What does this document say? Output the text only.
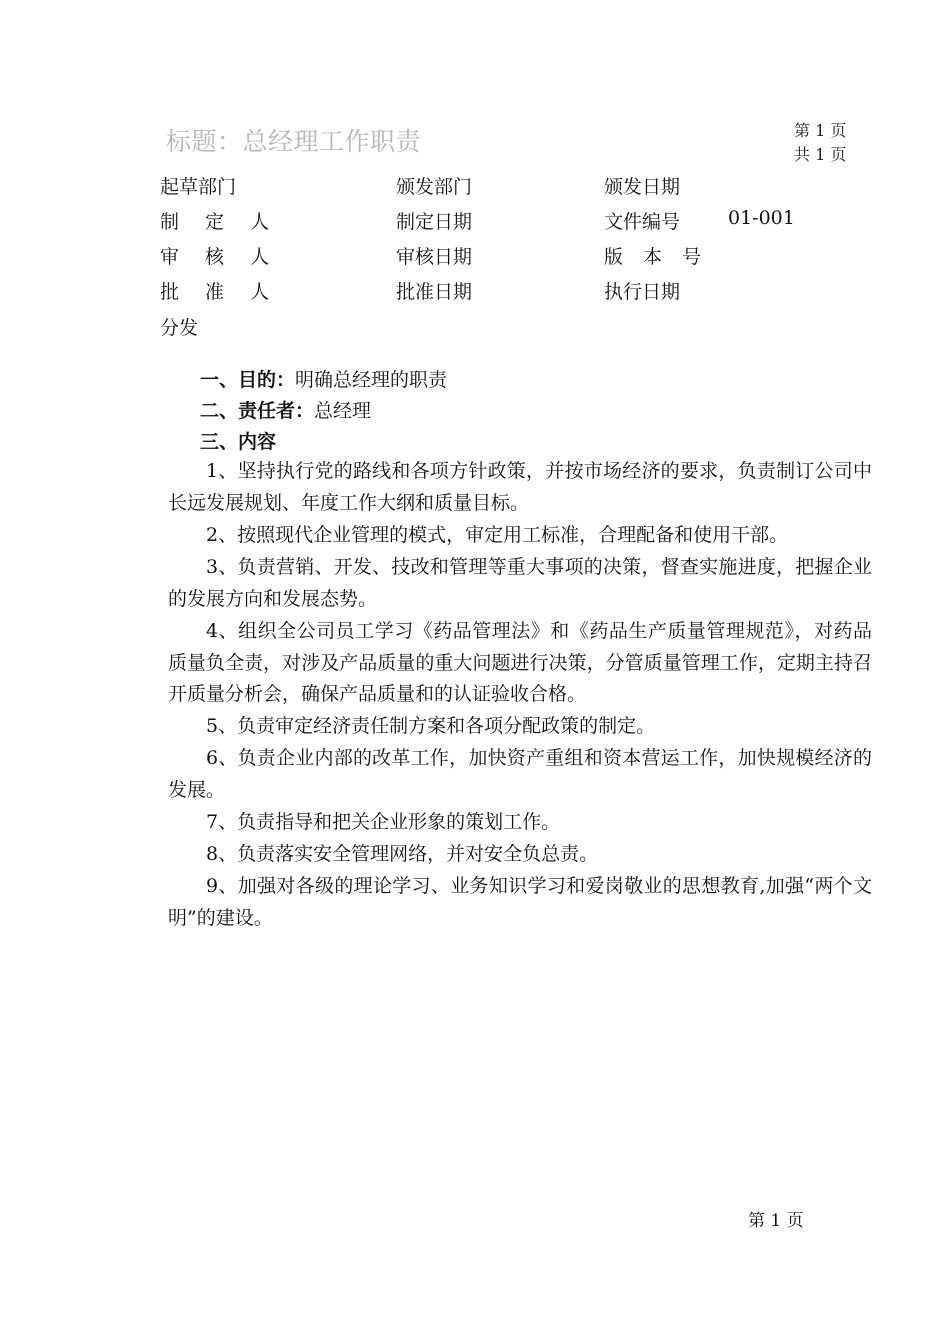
标题：总经理工作职责	第 1 页
共 1 页
起草部门	颁发部门	颁发日期
制 定 人	制定日期	文件编号	01-001
审 核 人	审核日期	版 本 号
批 准 人	批准日期	执行日期
分发
一、目的：明确总经理的职责
二、责任者：总经理
三、内容
1、坚持执行党的路线和各项方针政策，并按市场经济的要求，负责制订公司中长远发展规划、年度工作大纲和质量目标。
2、按照现代企业管理的模式，审定用工标准，合理配备和使用干部。
3、负责营销、开发、技改和管理等重大事项的决策，督查实施进度，把握企业的发展方向和发展态势。
4、组织全公司员工学习《药品管理法》和《药品生产质量管理规范》，对药品质量负全责，对涉及产品质量的重大问题进行决策，分管质量管理工作，定期主持召开质量分析会，确保产品质量和的认证验收合格。
5、负责审定经济责任制方案和各项分配政策的制定。
6、负责企业内部的改革工作，加快资产重组和资本营运工作，加快规模经济的发展。
7、负责指导和把关企业形象的策划工作。
8、负责落实安全管理网络，并对安全负总责。
9、加强对各级的理论学习、业务知识学习和爱岗敬业的思想教育,加强“两个文明”的建设。
第 1 页
